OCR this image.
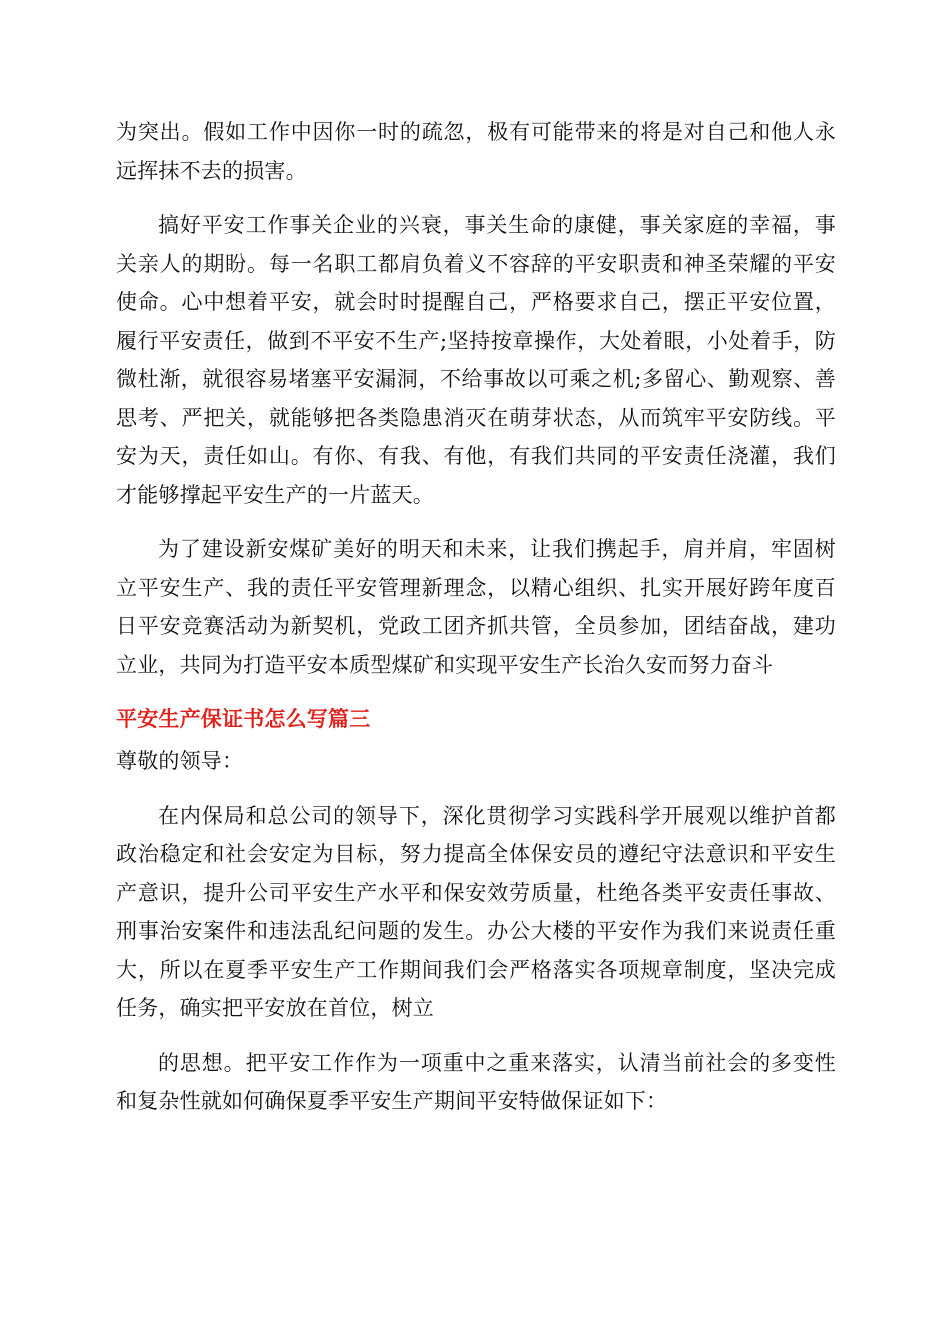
为突出。假如工作中因你一时的疏忽，极有可能带来的将是对自己和他人永远挥抹不去的损害。

搞好平安工作事关企业的兴衰，事关生命的康健，事关家庭的幸福，事关亲人的期盼。每一名职工都肩负着义不容辞的平安职责和神圣荣耀的平安使命。心中想着平安，就会时时提醒自己，严格要求自己，摆正平安位置，履行平安责任，做到不平安不生产;坚持按章操作，大处着眼，小处着手，防微杜渐，就很容易堵塞平安漏洞，不给事故以可乘之机;多留心、勤观察、善思考、严把关，就能够把各类隐患消灭在萌芽状态，从而筑牢平安防线。平安为天，责任如山。有你、有我、有他，有我们共同的平安责任浇灌，我们才能够撑起平安生产的一片蓝天。

为了建设新安煤矿美好的明天和未来，让我们携起手，肩并肩，牢固树立平安生产、我的责任平安管理新理念，以精心组织、扎实开展好跨年度百日平安竞赛活动为新契机，党政工团齐抓共管，全员参加，团结奋战，建功立业，共同为打造平安本质型煤矿和实现平安生产长治久安而努力奋斗

平安生产保证书怎么写篇三

尊敬的领导：

在内保局和总公司的领导下，深化贯彻学习实践科学开展观以维护首都政治稳定和社会安定为目标，努力提高全体保安员的遵纪守法意识和平安生产意识，提升公司平安生产水平和保安效劳质量，杜绝各类平安责任事故、刑事治安案件和违法乱纪问题的发生。办公大楼的平安作为我们来说责任重大，所以在夏季平安生产工作期间我们会严格落实各项规章制度，坚决完成任务，确实把平安放在首位，树立

的思想。把平安工作作为一项重中之重来落实，认清当前社会的多变性和复杂性就如何确保夏季平安生产期间平安特做保证如下：
